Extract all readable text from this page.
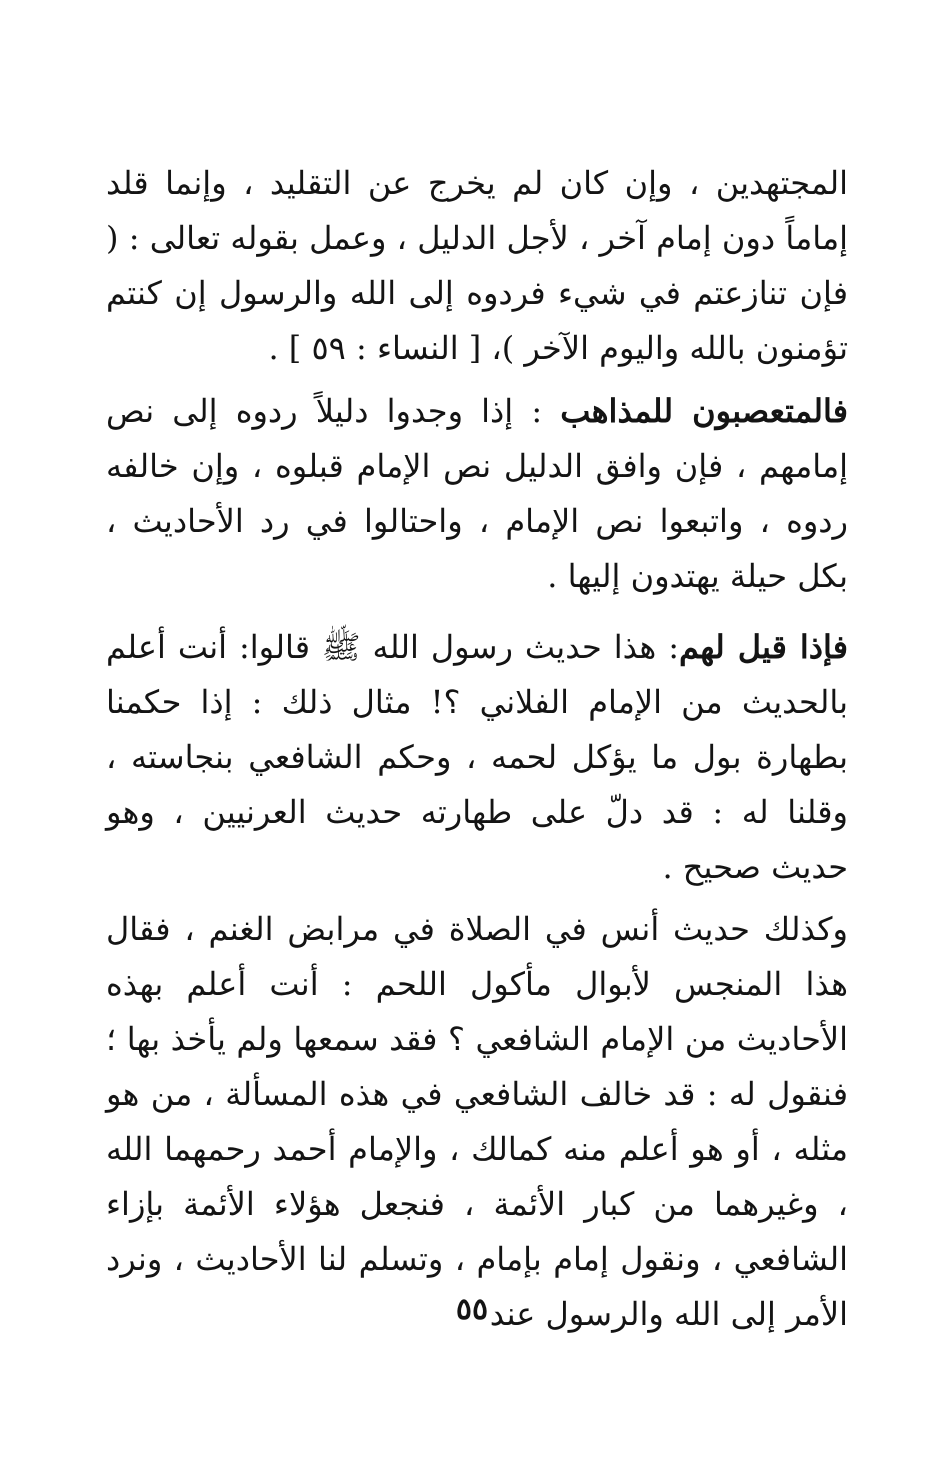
المجتهدين ، وإن كان لم يخرج عن التقليد ، وإنما قلد إماماً دون إمام آخر ، لأجل الدليل ، وعمل بقوله تعالى : ( فإن تنازعتم في شيء فردوه إلى الله والرسول إن كنتم تؤمنون بالله واليوم الآخر )، [ النساء : ٥٩ ] .

فالمتعصبون للمذاهب : إذا وجدوا دليلاً ردوه إلى نص إمامهم ، فإن وافق الدليل نص الإمام قبلوه ، وإن خالفه ردوه ، واتبعوا نص الإمام ، واحتالوا في رد الأحاديث ، بكل حيلة يهتدون إليها .

فإذا قيل لهم: هذا حديث رسول الله ﷺ قالوا: أنت أعلم بالحديث من الإمام الفلاني ؟! مثال ذلك : إذا حكمنا بطهارة بول ما يؤكل لحمه ، وحكم الشافعي بنجاسته ، وقلنا له : قد دلّ على طهارته حديث العرنيين ، وهو حديث صحيح .

وكذلك حديث أنس في الصلاة في مرابض الغنم ، فقال هذا المنجس لأبوال مأكول اللحم : أنت أعلم بهذه الأحاديث من الإمام الشافعي ؟ فقد سمعها ولم يأخذ بها ؛ فنقول له : قد خالف الشافعي في هذه المسألة ، من هو مثله ، أو هو أعلم منه كمالك ، والإمام أحمد رحمهما الله ، وغيرهما من كبار الأئمة ، فنجعل هؤلاء الأئمة بإزاء الشافعي ، ونقول إمام بإمام ، وتسلم لنا الأحاديث ، ونرد الأمر إلى الله والرسول عند

٥٥
